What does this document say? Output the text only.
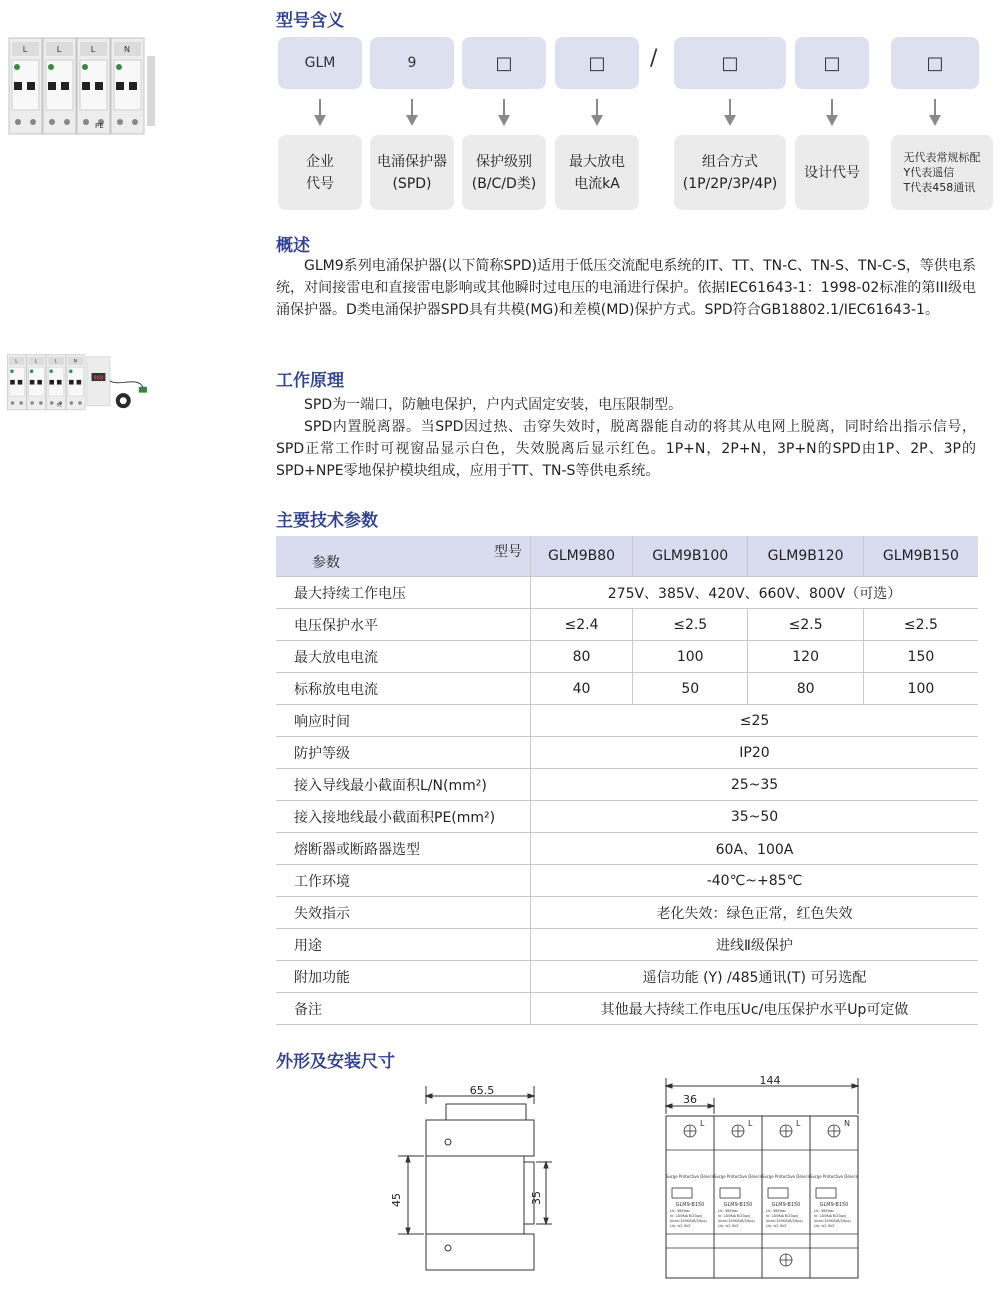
L	L	L	N
PE
L L L N
PE
888
型号含义
GLM
企业
代号
9
电涌保护器
(SPD)
□
保护级别
(B/C/D类)
□
最大放电
电流kA
□
组合方式
(1P/2P/3P/4P)
□
设计代号
□
无代表常规标配
Y代表遥信
T代表458通讯
/
概述

GLM9系列电涌保护器(以下简称SPD)适用于低压交流配电系统的IT、TT、TN-C、TN-S、TN-C-S，等供电系统，对间接雷电和直接雷电影响或其他瞬时过电压的电涌进行保护。依据IEC61643-1：1998-02标准的第III级电涌保护器。D类电涌保护器SPD具有共模(MG)和差模(MD)保护方式。SPD符合GB18802.1/IEC61643-1。

工作原理

SPD为一端口，防触电保护，户内式固定安装，电压限制型。

SPD内置脱离器。当SPD因过热、击穿失效时，脱离器能自动的将其从电网上脱离，同时给出指示信号，SPD正常工作时可视窗品显示白色，失效脱离后显示红色。1P+N，2P+N，3P+N的SPD由1P、2P、3P的SPD+NPE零地保护模块组成，应用于TT、TN-S等供电系统。

主要技术参数
型号
参数	GLM9B80	GLM9B100	GLM9B120	GLM9B150
最大持续工作电压	275V、385V、420V、660V、800V（可选）			
电压保护水平	≤2.4	≤2.5	≤2.5	≤2.5
最大放电电流	80	100	120	150
标称放电电流	40	50	80	100
响应时间	≤25			
防护等级	IP20			
接入导线最小截面积L/N(mm²)	25~35			
接入接地线最小截面积PE(mm²)	35~50			
熔断器或断路器选型	60A、100A			
工作环境	-40℃~+85℃			
失效指示	老化失效：绿色正常，红色失效			
用途	进线Ⅱ级保护			
附加功能	遥信功能 (Y) /485通讯(T) 可另选配			
备注	其他最大持续工作电压Uc/电压保护水平Up可定做			
外形及安装尺寸
65.5
45	35
144
36
L
Surge Protective Device
GLM9-B150
Uc: 385Vac
In: 100KA(8/20μs)
Imax:150KA(8/20μs)
Up: ≤2.5kV
L
Surge Protective Device
GLM9-B150
Uc: 385Vac
In: 100KA(8/20μs)
Imax:150KA(8/20μs)
Up: ≤2.5kV
L
Surge Protective Device
GLM9-B150
Uc: 385Vac
In: 100KA(8/20μs)
Imax:150KA(8/20μs)
Up: ≤2.5kV
N
Surge Protective Device
GLM9-B150
Uc: 385Vac
In: 100KA(8/20μs)
Imax:150KA(8/20μs)
Up: ≤2.5kV
